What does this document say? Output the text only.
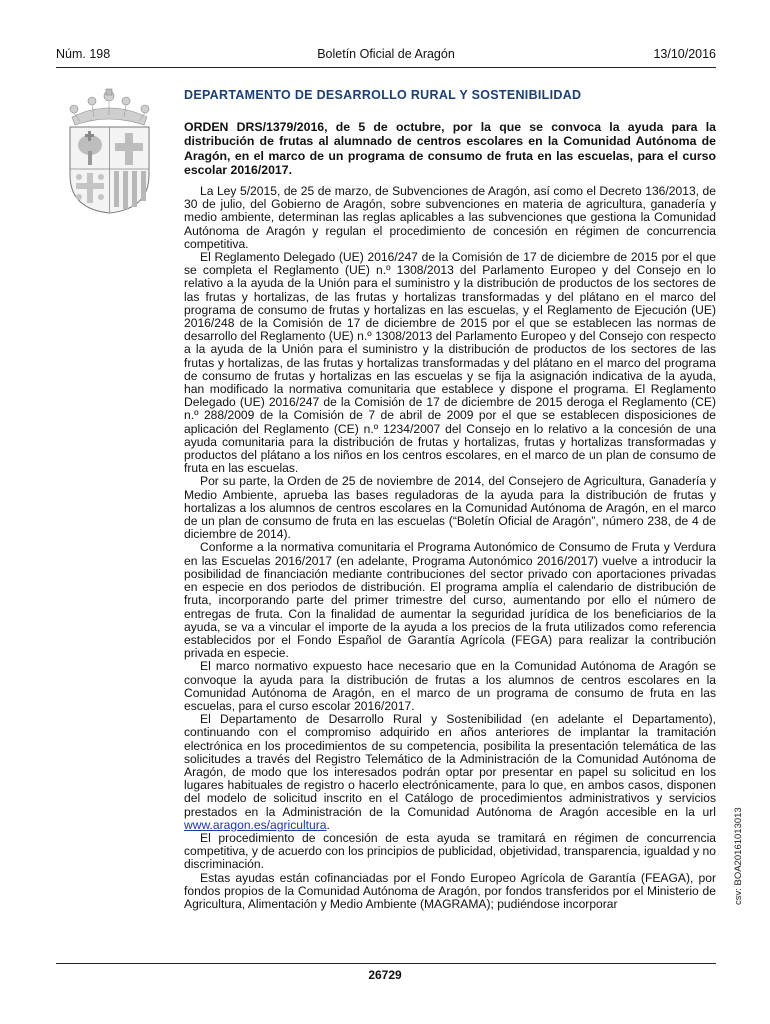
Núm. 198	Boletín Oficial de Aragón	13/10/2016
DEPARTAMENTO DE DESARROLLO RURAL Y SOSTENIBILIDAD
ORDEN DRS/1379/2016, de 5 de octubre, por la que se convoca la ayuda para la distribución de frutas al alumnado de centros escolares en la Comunidad Autónoma de Aragón, en el marco de un programa de consumo de fruta en las escuelas, para el curso escolar 2016/2017.

La Ley 5/2015, de 25 de marzo, de Subvenciones de Aragón, así como el Decreto 136/2013, de 30 de julio, del Gobierno de Aragón, sobre subvenciones en materia de agricultura, ganadería y medio ambiente, determinan las reglas aplicables a las subvenciones que gestiona la Comunidad Autónoma de Aragón y regulan el procedimiento de concesión en régimen de concurrencia competitiva.

El Reglamento Delegado (UE) 2016/247 de la Comisión de 17 de diciembre de 2015 por el que se completa el Reglamento (UE) n.º 1308/2013 del Parlamento Europeo y del Consejo en lo relativo a la ayuda de la Unión para el suministro y la distribución de productos de los sectores de las frutas y hortalizas, de las frutas y hortalizas transformadas y del plátano en el marco del programa de consumo de frutas y hortalizas en las escuelas, y el Reglamento de Ejecución (UE) 2016/248 de la Comisión de 17 de diciembre de 2015 por el que se establecen las normas de desarrollo del Reglamento (UE) n.º 1308/2013 del Parlamento Europeo y del Consejo con respecto a la ayuda de la Unión para el suministro y la distribución de productos de los sectores de las frutas y hortalizas, de las frutas y hortalizas transformadas y del plátano en el marco del programa de consumo de frutas y hortalizas en las escuelas y se fija la asignación indicativa de la ayuda, han modificado la normativa comunitaria que establece y dispone el programa. El Reglamento Delegado (UE) 2016/247 de la Comisión de 17 de diciembre de 2015 deroga el Reglamento (CE) n.º 288/2009 de la Comisión de 7 de abril de 2009 por el que se establecen disposiciones de aplicación del Reglamento (CE) n.º 1234/2007 del Consejo en lo relativo a la concesión de una ayuda comunitaria para la distribución de frutas y hortalizas, frutas y hortalizas transformadas y productos del plátano a los niños en los centros escolares, en el marco de un plan de consumo de fruta en las escuelas.

Por su parte, la Orden de 25 de noviembre de 2014, del Consejero de Agricultura, Ganadería y Medio Ambiente, aprueba las bases reguladoras de la ayuda para la distribución de frutas y hortalizas a los alumnos de centros escolares en la Comunidad Autónoma de Aragón, en el marco de un plan de consumo de fruta en las escuelas (“Boletín Oficial de Aragón”, número 238, de 4 de diciembre de 2014).

Conforme a la normativa comunitaria el Programa Autonómico de Consumo de Fruta y Verdura en las Escuelas 2016/2017 (en adelante, Programa Autonómico 2016/2017) vuelve a introducir la posibilidad de financiación mediante contribuciones del sector privado con aportaciones privadas en especie en dos periodos de distribución. El programa amplía el calendario de distribución de fruta, incorporando parte del primer trimestre del curso, aumentando por ello el número de entregas de fruta. Con la finalidad de aumentar la seguridad jurídica de los beneficiarios de la ayuda, se va a vincular el importe de la ayuda a los precios de la fruta utilizados como referencia establecidos por el Fondo Español de Garantía Agrícola (FEGA) para realizar la contribución privada en especie.

El marco normativo expuesto hace necesario que en la Comunidad Autónoma de Aragón se convoque la ayuda para la distribución de frutas a los alumnos de centros escolares en la Comunidad Autónoma de Aragón, en el marco de un programa de consumo de fruta en las escuelas, para el curso escolar 2016/2017.

El Departamento de Desarrollo Rural y Sostenibilidad (en adelante el Departamento), continuando con el compromiso adquirido en años anteriores de implantar la tramitación electrónica en los procedimientos de su competencia, posibilita la presentación telemática de las solicitudes a través del Registro Telemático de la Administración de la Comunidad Autónoma de Aragón, de modo que los interesados podrán optar por presentar en papel su solicitud en los lugares habituales de registro o hacerlo electrónicamente, para lo que, en ambos casos, disponen del modelo de solicitud inscrito en el Catálogo de procedimientos administrativos y servicios prestados en la Administración de la Comunidad Autónoma de Aragón accesible en la url www.aragon.es/agricultura.

El procedimiento de concesión de esta ayuda se tramitará en régimen de concurrencia competitiva, y de acuerdo con los principios de publicidad, objetividad, transparencia, igualdad y no discriminación.

Estas ayudas están cofinanciadas por el Fondo Europeo Agrícola de Garantía (FEAGA), por fondos propios de la Comunidad Autónoma de Aragón, por fondos transferidos por el Ministerio de Agricultura, Alimentación y Medio Ambiente (MAGRAMA); pudiéndose incorporar

26729
csv: BOA20161013013
